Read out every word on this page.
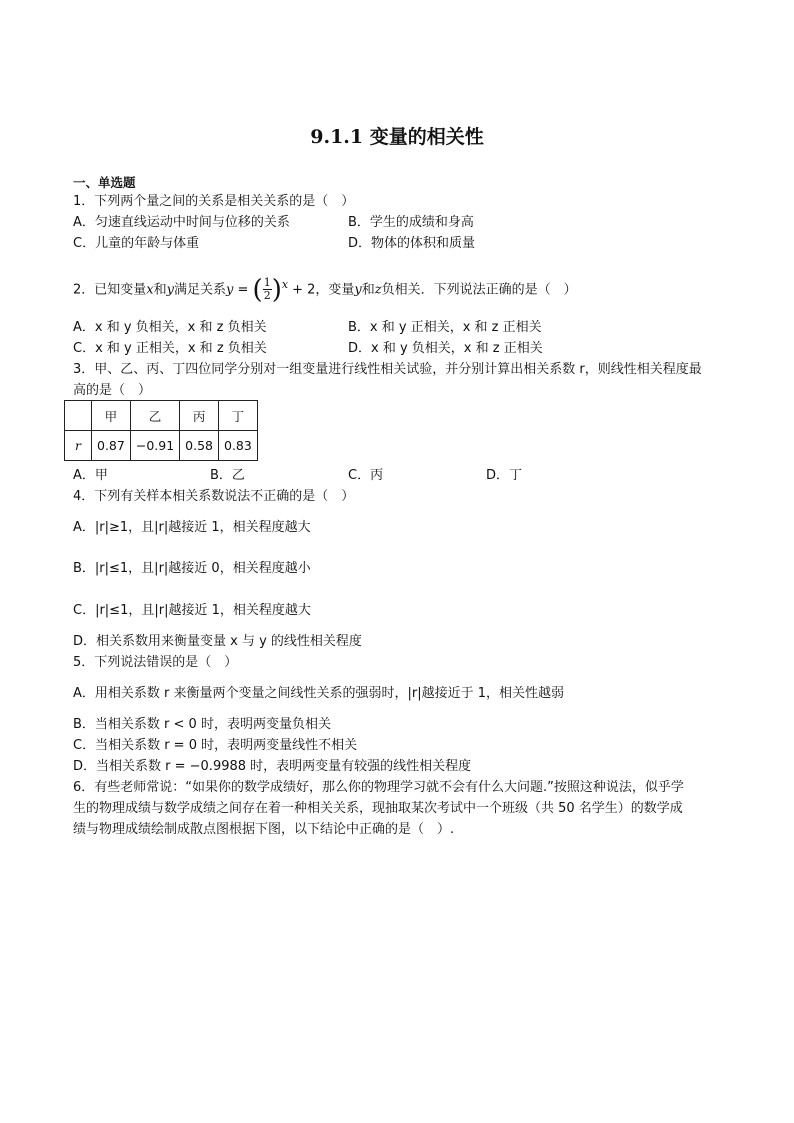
9.1.1 变量的相关性
一、单选题
1．下列两个量之间的关系是相关关系的是（　）
A．匀速直线运动中时间与位移的关系	B．学生的成绩和身高
C．儿童的年龄与体重	D．物体的体积和质量
2．已知变量x和y满足关系y = ( $\frac{1}{2} )^x + 2$，变量y和z负相关．下列说法正确的是（　）
A．x 和 y 负相关，x 和 z 负相关	B．x 和 y 正相关，x 和 z 正相关
C．x 和 y 正相关，x 和 z 负相关	D．x 和 y 负相关，x 和 z 正相关
3．甲、乙、丙、丁四位同学分别对一组变量进行线性相关试验，并分别计算出相关系数 r，则线性相关程度最
高的是（　）
	甲	乙	丙	丁
r	0.87	−0.91	0.58	0.83
A．甲	B．乙	C．丙	D．丁
4．下列有关样本相关系数说法不正确的是（　）
A．|r|≥1，且|r|越接近 1，相关程度越大
B．|r|≤1，且|r|越接近 0，相关程度越小
C．|r|≤1，且|r|越接近 1，相关程度越大
D．相关系数用来衡量变量 x 与 y 的线性相关程度
5．下列说法错误的是（　）
A．用相关系数 r 来衡量两个变量之间线性关系的强弱时，|r|越接近于 1，相关性越弱
B．当相关系数 r < 0 时，表明两变量负相关
C．当相关系数 r = 0 时，表明两变量线性不相关
D．当相关系数 r = −0.9988 时，表明两变量有较强的线性相关程度
6．有些老师常说：“如果你的数学成绩好，那么你的物理学习就不会有什么大问题.”按照这种说法，似乎学
生的物理成绩与数学成绩之间存在着一种相关关系，现抽取某次考试中一个班级（共 50 名学生）的数学成
绩与物理成绩绘制成散点图根据下图，以下结论中正确的是（　）.
